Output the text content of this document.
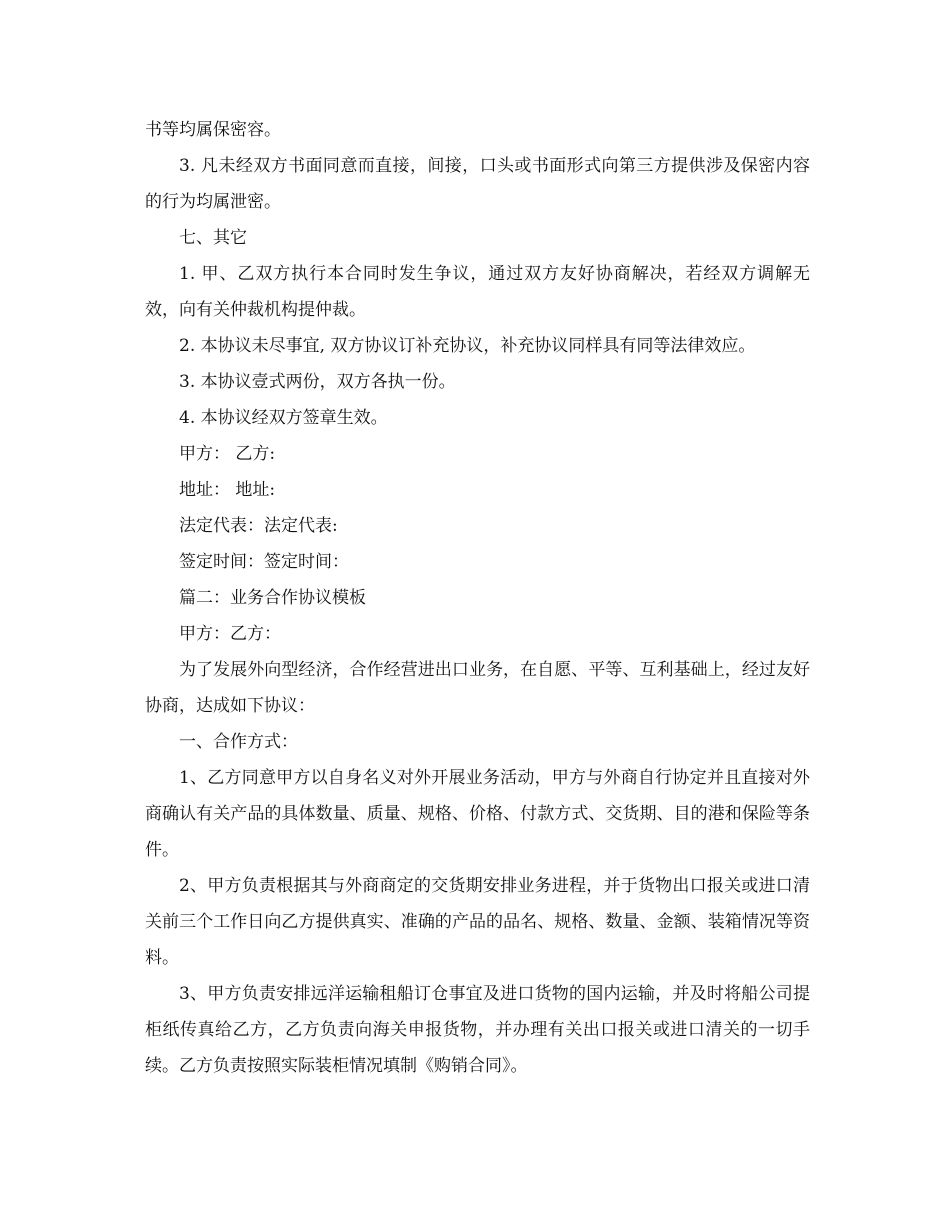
书等均属保密容。

3. 凡未经双方书面同意而直接，间接，口头或书面形式向第三方提供涉及保密内容的行为均属泄密。

七、其它

1. 甲、乙双方执行本合同时发生争议，通过双方友好协商解决，若经双方调解无效，向有关仲裁机构提仲裁。

2. 本协议未尽事宜, 双方协议订补充协议，补充协议同样具有同等法律效应。

3. 本协议壹式两份，双方各执一份。

4. 本协议经双方签章生效。

甲方： 乙方:

地址： 地址:

法定代表：法定代表:

签定时间：签定时间：

篇二：业务合作协议模板

甲方：乙方：

为了发展外向型经济，合作经营进出口业务，在自愿、平等、互利基础上，经过友好协商，达成如下协议：

一、合作方式：

1、乙方同意甲方以自身名义对外开展业务活动，甲方与外商自行协定并且直接对外商确认有关产品的具体数量、质量、规格、价格、付款方式、交货期、目的港和保险等条件。

2、甲方负责根据其与外商商定的交货期安排业务进程，并于货物出口报关或进口清关前三个工作日向乙方提供真实、准确的产品的品名、规格、数量、金额、装箱情况等资料。

3、甲方负责安排远洋运输租船订仓事宜及进口货物的国内运输，并及时将船公司提柜纸传真给乙方，乙方负责向海关申报货物，并办理有关出口报关或进口清关的一切手续。乙方负责按照实际装柜情况填制《购销合同》。
